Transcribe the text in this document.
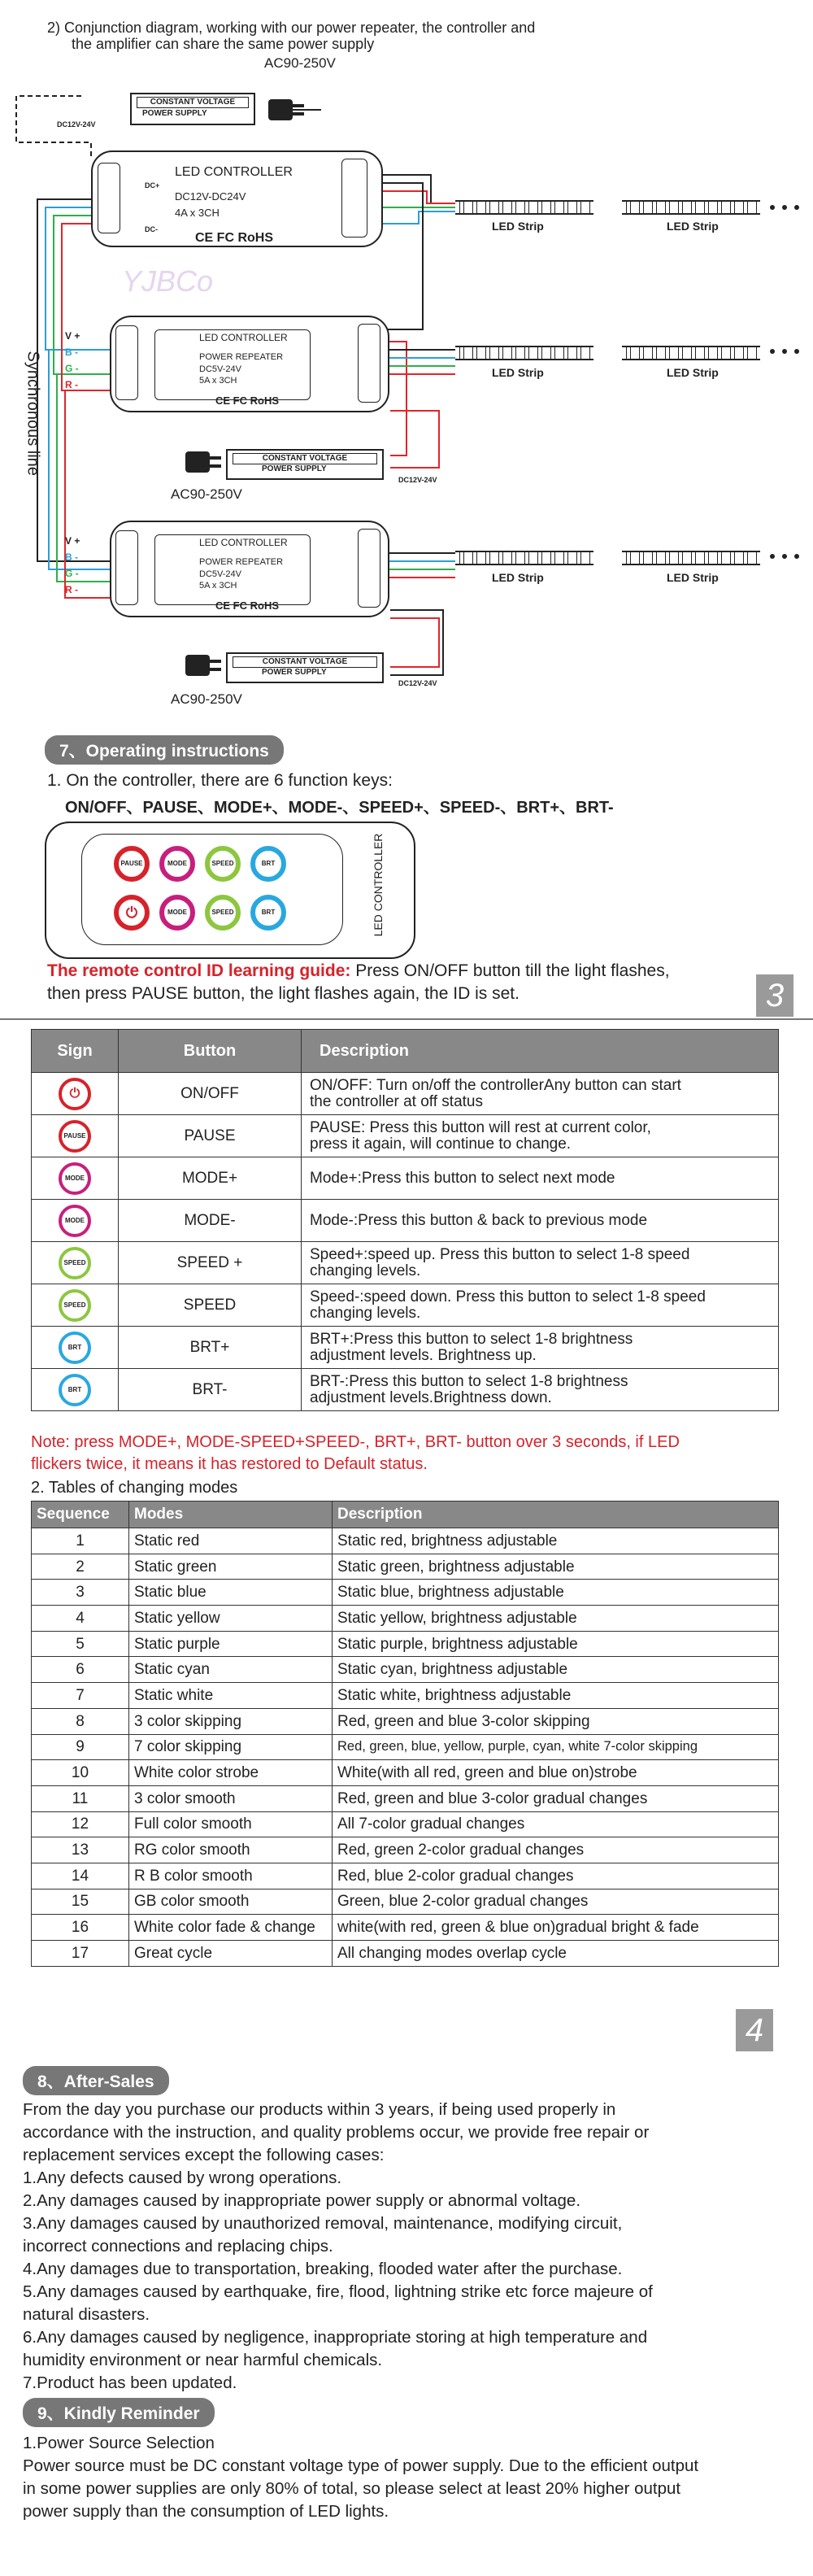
2) Conjunction diagram, working with our power repeater, the controller and
the amplifier can share the same power supply
AC90-250V
CONSTANT VOLTAGE
POWER SUPPLY
DC12V-24V
LED CONTROLLER
DC12V-DC24V
4A x 3CH
CE FC RoHS
DC+
DC-
YJBCo
LED Strip	LED Strip
Synchronous line
V +
B -
G -
R -
LED CONTROLLER
POWER REPEATER
DC5V-24V
5A x 3CH
CE FC RoHS
LED Strip	LED Strip
CONSTANT VOLTAGE
POWER SUPPLY
DC12V-24V
AC90-250V
V +
B -
G -
R -
LED CONTROLLER
POWER REPEATER
DC5V-24V
5A x 3CH
CE FC RoHS
LED Strip	LED Strip
CONSTANT VOLTAGE
POWER SUPPLY
DC12V-24V
AC90-250V
7、Operating instructions
1. On the controller, there are 6 function keys:
ON/OFF、PAUSE、MODE+、MODE-、SPEED+、SPEED-、BRT+、BRT-
PAUSE	MODE	SPEED	BRT
⏻	MODE	SPEED	BRT	LED CONTROLLER
The remote control ID learning guide: Press ON/OFF button till the light flashes,
then press PAUSE button, the light flashes again, the ID is set.	3
Sign	Button	Description
⏻	ON/OFF	ON/OFF: Turn on/off the controllerAny button can start
the controller at off status

PAUSE	PAUSE	PAUSE: Press this button will rest at current color,
press it again, will continue to change.

MODE	MODE+	Mode+:Press this button to select next mode
MODE	MODE-	Mode-:Press this button & back to previous mode
SPEED	SPEED +	Speed+:speed up. Press this button to select 1-8 speed
changing levels.

SPEED	SPEED	Speed-:speed down. Press this button to select 1-8 speed
changing levels.

BRT	BRT+	BRT+:Press this button to select 1-8 brightness
adjustment levels. Brightness up.

BRT	BRT-	BRT-:Press this button to select 1-8 brightness
adjustment levels.Brightness down.
Note: press MODE+, MODE-SPEED+SPEED-, BRT+, BRT- button over 3 seconds, if LED
flickers twice, it means it has restored to Default status.
2. Tables of changing modes
Sequence	Modes	Description
1	Static red	Static red, brightness adjustable
2	Static green	Static green, brightness adjustable
3	Static blue	Static blue, brightness adjustable
4	Static yellow	Static yellow, brightness adjustable
5	Static purple	Static purple, brightness adjustable
6	Static cyan	Static cyan, brightness adjustable
7	Static white	Static white, brightness adjustable
8	3 color skipping	Red, green and blue 3-color skipping
9	7 color skipping	Red, green, blue, yellow, purple, cyan, white 7-color skipping
10	White color strobe	White(with all red, green and blue on)strobe
11	3 color smooth	Red, green and blue 3-color gradual changes
12	Full color smooth	All 7-color gradual changes
13	RG color smooth	Red, green 2-color gradual changes
14	R B color smooth	Red, blue 2-color gradual changes
15	GB color smooth	Green, blue 2-color gradual changes
16	White color fade & change	white(with red, green & blue on)gradual bright & fade
17	Great cycle	All changing modes overlap cycle
4
8、After-Sales
From the day you purchase our products within 3 years, if being used properly in
accordance with the instruction, and quality problems occur, we provide free repair or
replacement services except the following cases:
1.Any defects caused by wrong operations.
2.Any damages caused by inappropriate power supply or abnormal voltage.
3.Any damages caused by unauthorized removal, maintenance, modifying circuit,
incorrect connections and replacing chips.
4.Any damages due to transportation, breaking, flooded water after the purchase.
5.Any damages caused by earthquake, fire, flood, lightning strike etc force majeure of
natural disasters.
6.Any damages caused by negligence, inappropriate storing at high temperature and
humidity environment or near harmful chemicals.
7.Product has been updated.
9、Kindly Reminder
1.Power Source Selection
Power source must be DC constant voltage type of power supply. Due to the efficient output
in some power supplies are only 80% of total, so please select at least 20% higher output
power supply than the consumption of LED lights.
